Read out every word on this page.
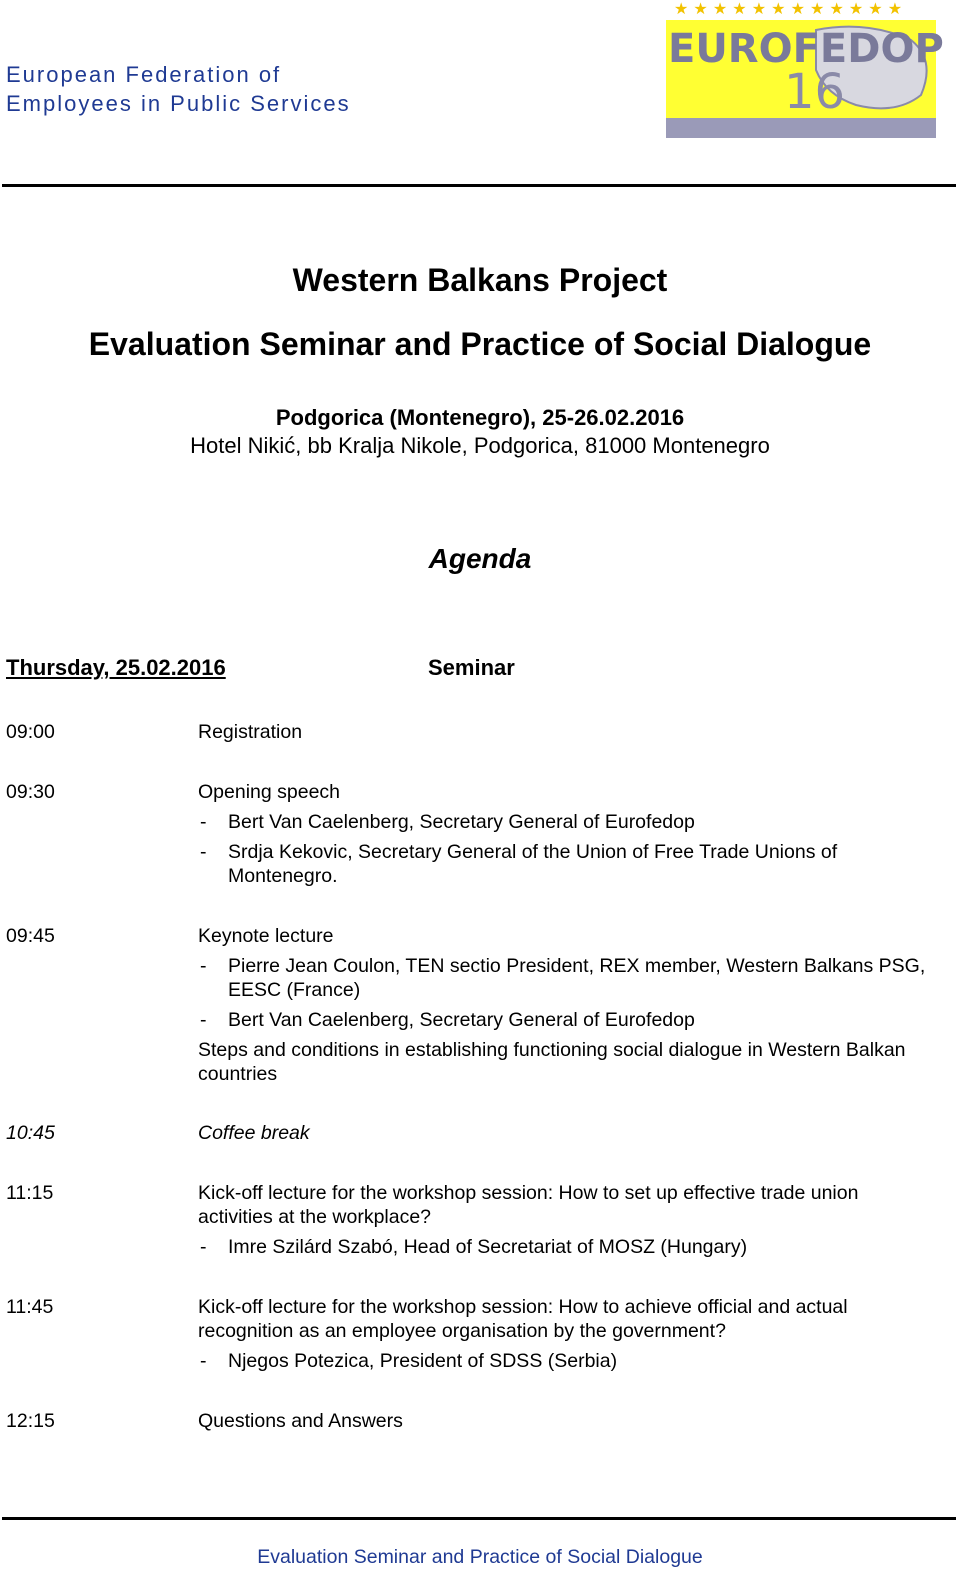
European Federation of
Employees in Public Services
★ ★ ★ ★ ★ ★ ★ ★ ★ ★ ★ ★
EUROFEDOP
16
Western Balkans Project
Evaluation Seminar and Practice of Social Dialogue
Podgorica (Montenegro), 25-26.02.2016
Hotel Nikić, bb Kralja Nikole, Podgorica, 81000 Montenegro
Agenda
Thursday, 25.02.2016	Seminar
09:00	Registration
09:30	Opening speech
- Bert Van Caelenberg, Secretary General of Eurofedop
- Srdja Kekovic, Secretary General of the Union of Free Trade Unions of Montenegro.
09:45	Keynote lecture
- Pierre Jean Coulon, TEN sectio President, REX member, Western Balkans PSG, EESC (France)
- Bert Van Caelenberg, Secretary General of Eurofedop
Steps and conditions in establishing functioning social dialogue in Western Balkan countries
10:45	Coffee break
11:15	Kick-off lecture for the workshop session: How to set up effective trade union activities at the workplace?
- Imre Szilárd Szabó, Head of Secretariat of MOSZ (Hungary)
11:45	Kick-off lecture for the workshop session: How to achieve official and actual recognition as an employee organisation by the government?
- Njegos Potezica, President of SDSS (Serbia)
12:15	Questions and Answers
Evaluation Seminar and Practice of Social Dialogue
